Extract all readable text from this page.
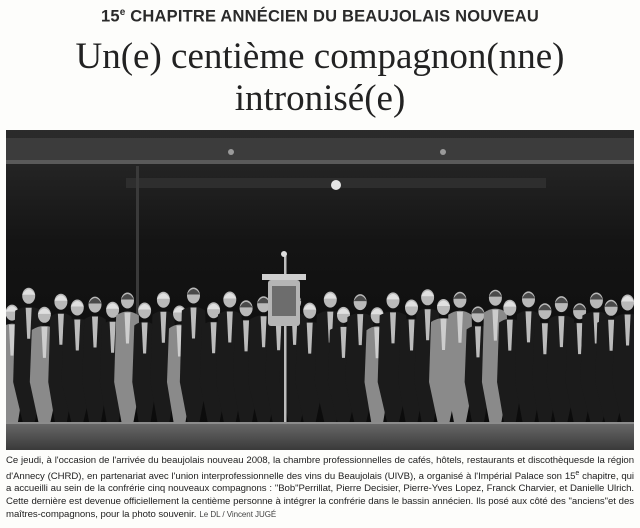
15e CHAPITRE ANNÉCIEN DU BEAUJOLAIS NOUVEAU
Un(e) centième compagnon(nne)
intronisé(e)
Ce jeudi, à l'occasion de l'arrivée du beaujolais nouveau 2008, la chambre professionnelles de cafés, hôtels, restaurants et discothèquesde la région d'Annecy (CHRD), en partenariat avec l'union interprofessionnelle des vins du Beaujolais (UIVB), a organisé à l'Impérial Palace son 15e chapitre, qui a accueilli au sein de la confrérie cinq nouveaux compagnons : "Bob"Perrillat, Pierre Decisier, Pierre-Yves Lopez, Franck Charvier, et Danielle Ulrich. Cette dernière est devenue officiellement la centième personne à intégrer la confrérie dans le bassin annécien. Ils posé aux côté des "anciens"et des maîtres-compagnons, pour la photo souvenir. Le DL / Vincent JUGÉ
